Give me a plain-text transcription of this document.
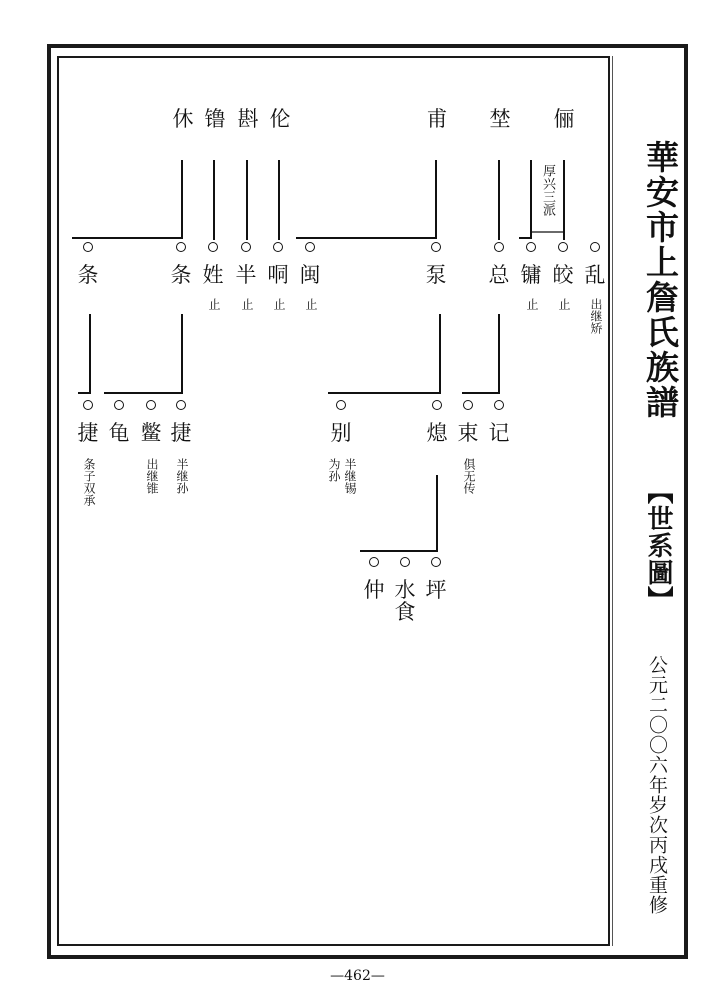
華安市上詹氏族譜
【世系圖】
公元二〇〇六年岁次丙戌重修
—462—
休 镥 斟 伦	甫 埜 俪
厚兴三派
条	条 姓 半 哃 闽	泵 总 镛 皎 乱
止 止 止 止	止 止 出继矫
捷 龟 鳖 捷	别	熄 束 记
条子双承	出继锥 半继孙	半继锡
为孙	俱无传
仲 水
食
坪
